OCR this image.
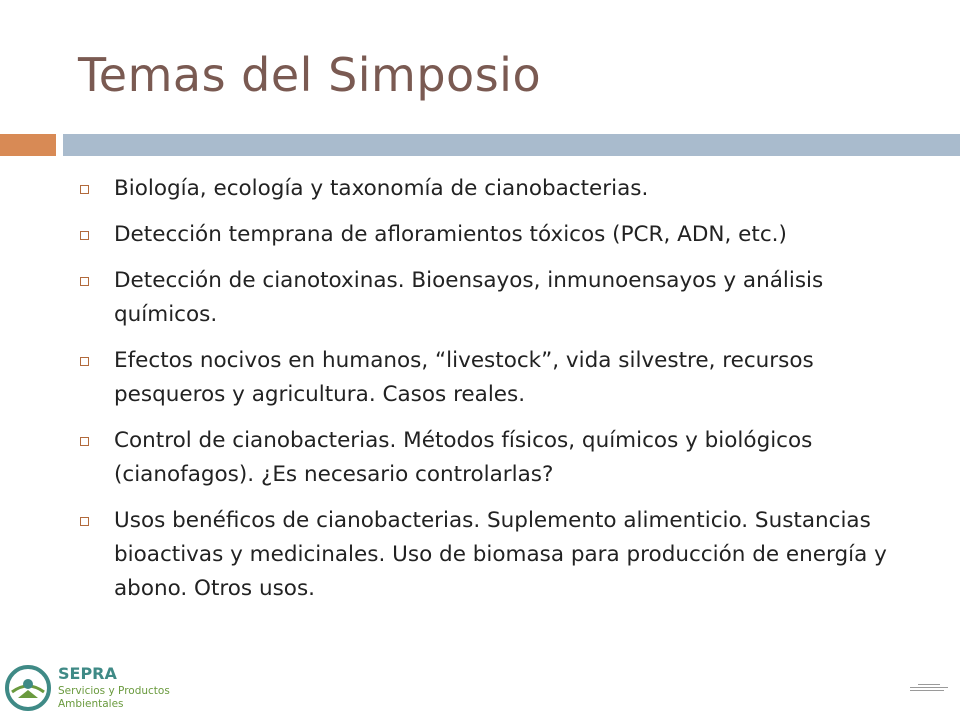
Temas del Simposio
Biología, ecología y taxonomía de cianobacterias.
Detección temprana de afloramientos tóxicos (PCR, ADN, etc.)
Detección de cianotoxinas. Bioensayos, inmunoensayos y análisis químicos.
Efectos nocivos en humanos, “livestock”, vida silvestre, recursos pesqueros y agricultura. Casos reales.
Control de cianobacterias. Métodos físicos, químicos y biológicos (cianofagos). ¿Es necesario controlarlas?
Usos benéficos de cianobacterias. Suplemento alimenticio. Sustancias bioactivas y medicinales. Uso de biomasa para producción de energía y abono. Otros usos.
SEPRA
Servicios y Productos
Ambientales
